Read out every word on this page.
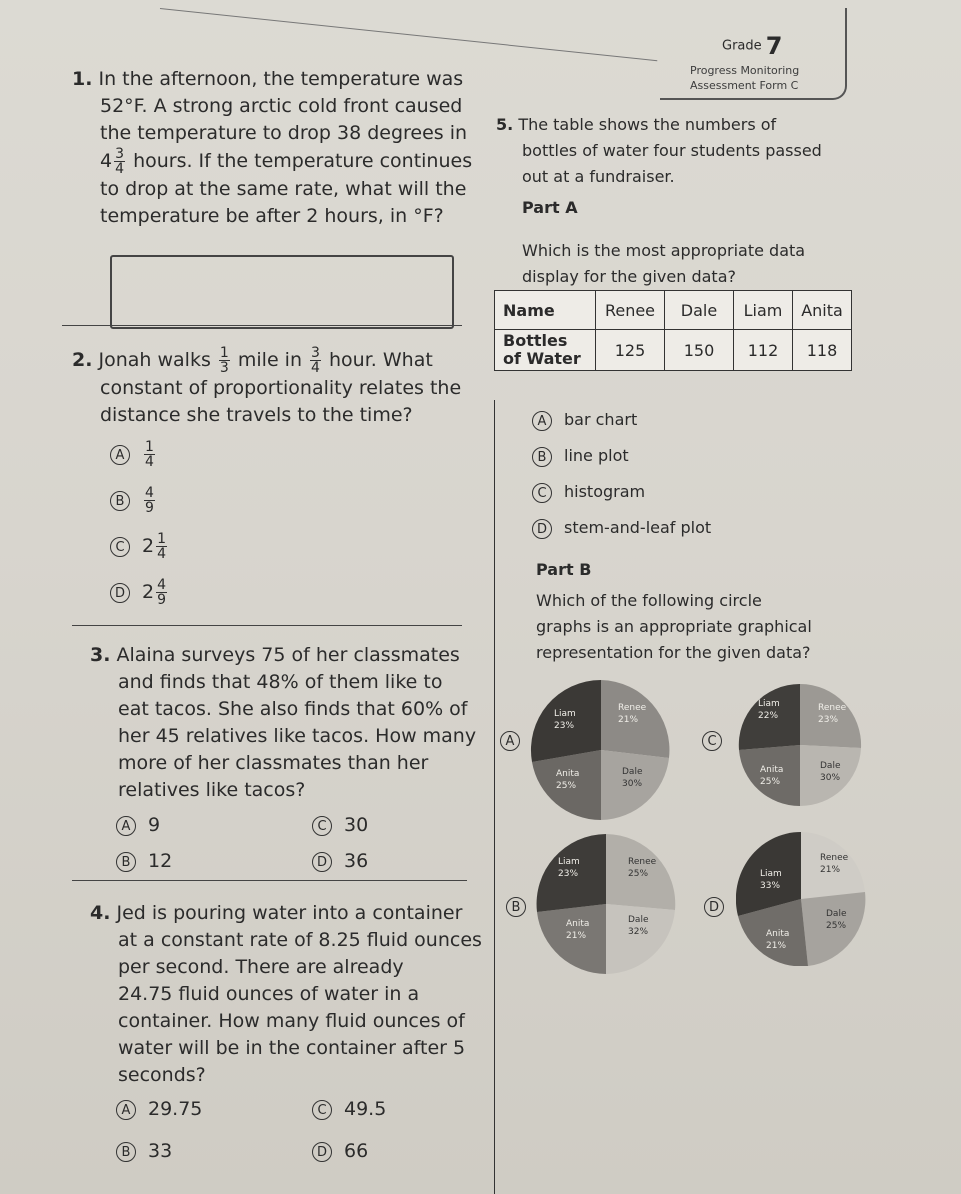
Grade 7
Progress Monitoring
Assessment Form C
1. In the afternoon, the temperature was
52°F. A strong arctic cold front caused
the temperature to drop 38 degrees in
$4 \frac{3}{4}$ hours. If the temperature continues
to drop at the same rate, what will the
temperature be after 2 hours, in °F?
2. Jonah walks $\frac{1}{3}$ mile in $\frac{3}{4}$ hour. What
constant of proportionality relates the
distance she travels to the time?
A $\frac{1}{4}$
B $\frac{4}{9}$
C $2 \frac{1}{4}$
D $2 \frac{4}{9}$
3. Alaina surveys 75 of her classmates
and finds that 48% of them like to
eat tacos. She also finds that 60% of
her 45 relatives like tacos. How many
more of her classmates than her
relatives like tacos?
A 9
B 12
C 30
D 36
4. Jed is pouring water into a container
at a constant rate of 8.25 fluid ounces
per second. There are already
24.75 fluid ounces of water in a
container. How many fluid ounces of
water will be in the container after 5
seconds?
A 29.75
B 33
C 49.5
D 66
5. The table shows the numbers of
bottles of water four students passed
out at a fundraiser.
Part A
Which is the most appropriate data
display for the given data?
Name	Renee	Dale	Liam	Anita
Bottles
of Water	125	150	112	118
A bar chart
B line plot
C histogram
D stem-and-leaf plot
Part B
Which of the following circle
graphs is an appropriate graphical
representation for the given data?
A
B
C
D
Liam
23%
Renee
21%
Dale
30%
Anita
25%
Liam
22%
Renee
23%
Dale
30%
Anita
25%
Liam
23%
Renee
25%
Dale
32%
Anita
21%
Liam
33%
Renee
21%
Dale
25%
Anita
21%
